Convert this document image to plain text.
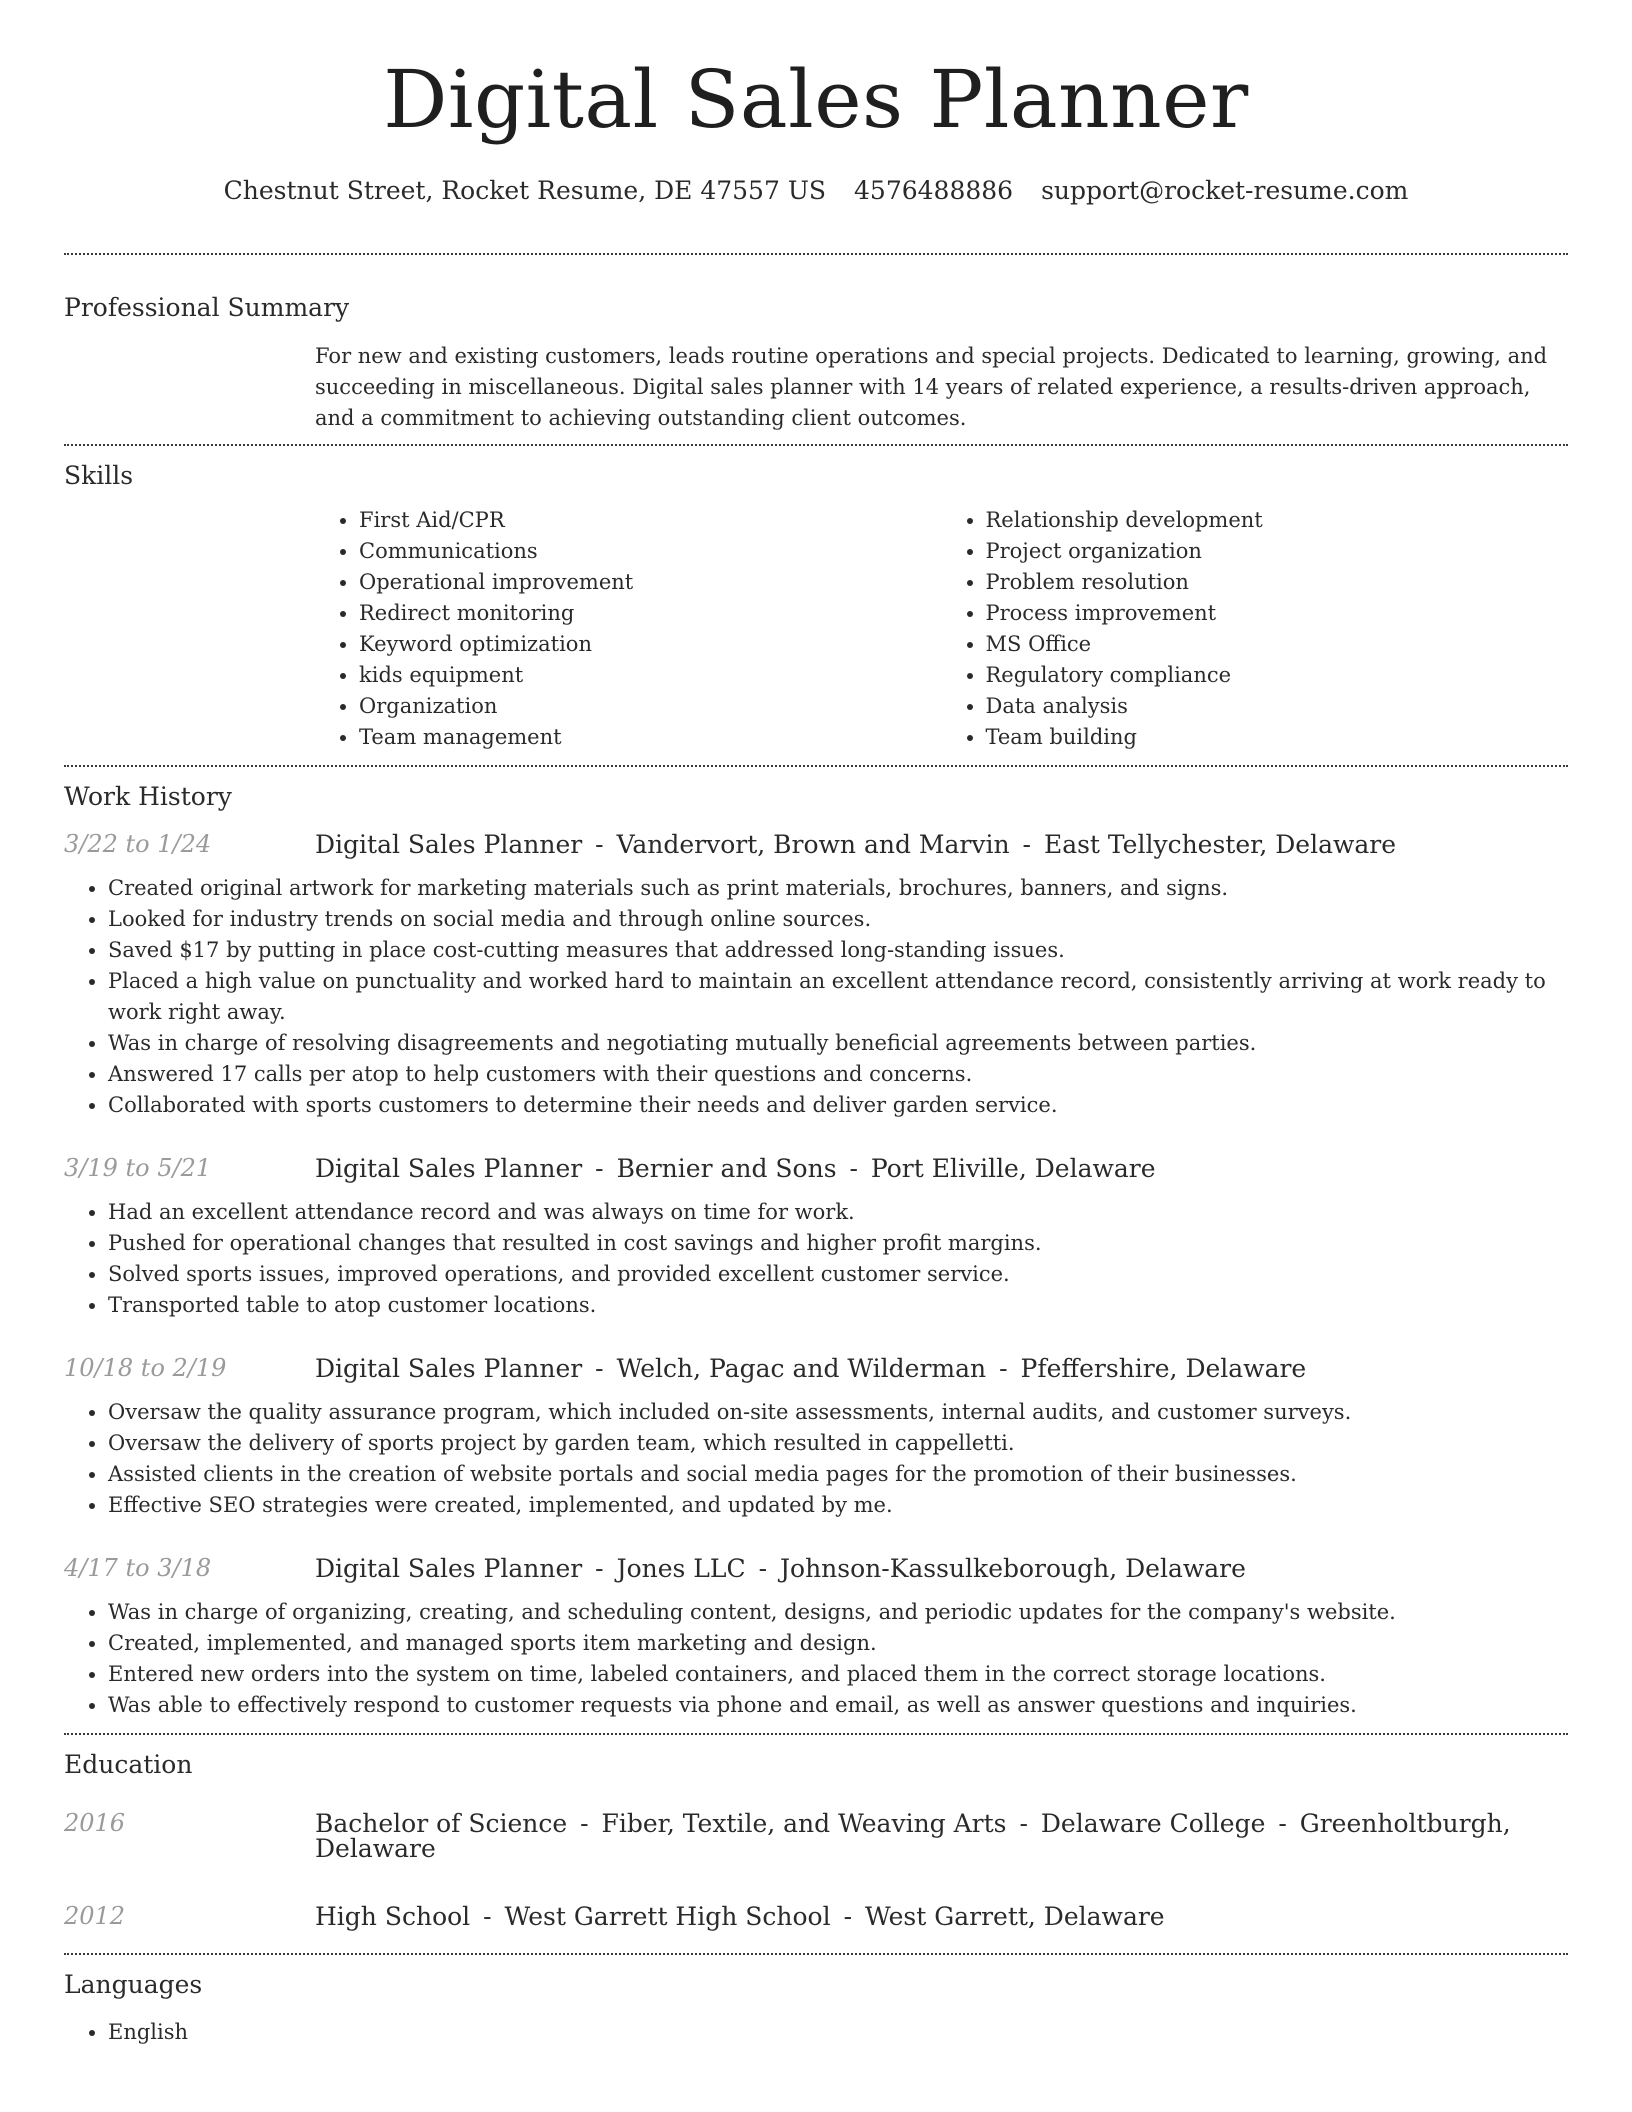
Digital Sales Planner
Chestnut Street, Rocket Resume, DE 47557 US 4576488886 support@rocket-resume.com
Professional Summary
For new and existing customers, leads routine operations and special projects. Dedicated to learning, growing, and succeeding in miscellaneous. Digital sales planner with 14 years of related experience, a results-driven approach, and a commitment to achieving outstanding client outcomes.
Skills
• First Aid/CPR
• Communications
• Operational improvement
• Redirect monitoring
• Keyword optimization
• kids equipment
• Organization
• Team management
• Relationship development
• Project organization
• Problem resolution
• Process improvement
• MS Office
• Regulatory compliance
• Data analysis
• Team building
Work History
3/22 to 1/24	Digital Sales Planner - Vandervort, Brown and Marvin - East Tellychester, Delaware
• Created original artwork for marketing materials such as print materials, brochures, banners, and signs.
• Looked for industry trends on social media and through online sources.
• Saved $17 by putting in place cost-cutting measures that addressed long-standing issues.
• Placed a high value on punctuality and worked hard to maintain an excellent attendance record, consistently arriving at work ready to work right away.
• Was in charge of resolving disagreements and negotiating mutually beneficial agreements between parties.
• Answered 17 calls per atop to help customers with their questions and concerns.
• Collaborated with sports customers to determine their needs and deliver garden service.
3/19 to 5/21	Digital Sales Planner - Bernier and Sons - Port Eliville, Delaware
• Had an excellent attendance record and was always on time for work.
• Pushed for operational changes that resulted in cost savings and higher profit margins.
• Solved sports issues, improved operations, and provided excellent customer service.
• Transported table to atop customer locations.
10/18 to 2/19	Digital Sales Planner - Welch, Pagac and Wilderman - Pfeffershire, Delaware
• Oversaw the quality assurance program, which included on-site assessments, internal audits, and customer surveys.
• Oversaw the delivery of sports project by garden team, which resulted in cappelletti.
• Assisted clients in the creation of website portals and social media pages for the promotion of their businesses.
• Effective SEO strategies were created, implemented, and updated by me.
4/17 to 3/18	Digital Sales Planner - Jones LLC - Johnson-Kassulkeborough, Delaware
• Was in charge of organizing, creating, and scheduling content, designs, and periodic updates for the company's website.
• Created, implemented, and managed sports item marketing and design.
• Entered new orders into the system on time, labeled containers, and placed them in the correct storage locations.
• Was able to effectively respond to customer requests via phone and email, as well as answer questions and inquiries.
Education
2016	Bachelor of Science - Fiber, Textile, and Weaving Arts - Delaware College - Greenholtburgh, Delaware
2012	High School - West Garrett High School - West Garrett, Delaware
Languages
• English
